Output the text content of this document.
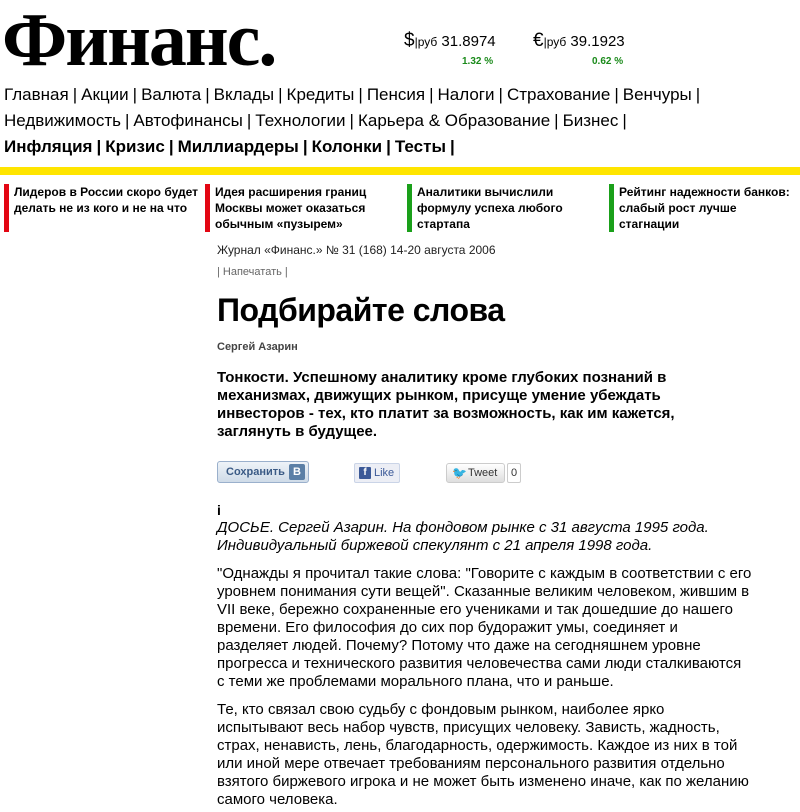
Финанс.	$|руб 31.8974
1.32 %
€|руб 39.1923
0.62 %
Главная | Акции | Валюта | Вклады | Кредиты | Пенсия | Налоги | Страхование | Венчуры |
Недвижимость | Автофинансы | Технологии | Карьера & Образование | Бизнес |
Инфляция | Кризис | Миллиардеры | Колонки | Тесты |
Лидеров в России скоро будет делать не из кого и не на что
Идея расширения границ Москвы может оказаться обычным «пузырем»
Аналитики вычислили формулу успеха любого стартапа
Рейтинг надежности банков: слабый рост лучше стагнации
Журнал «Финанс.» № 31 (168) 14-20 августа 2006
| Напечатать |
Подбирайте слова
Сергей Азарин
Тонкости. Успешному аналитику кроме глубоких познаний в механизмах, движущих рынком, присуще умение убеждать инвесторов - тех, кто платит за возможность, как им кажется, заглянуть в будущее.
Сохранить В	f Like	🐦 Tweet	0
i

ДОСЬЕ. Сергей Азарин. На фондовом рынке с 31 августа 1995 года. Индивидуальный биржевой спекулянт с 21 апреля 1998 года.

"Однажды я прочитал такие слова: "Говорите с каждым в соответствии с его уровнем понимания сути вещей". Сказанные великим человеком, жившим в VII веке, бережно сохраненные его учениками и так дошедшие до нашего времени. Его философия до сих пор будоражит умы, соединяет и разделяет людей. Почему? Потому что даже на сегодняшнем уровне прогресса и технического развития человечества сами люди сталкиваются с теми же проблемами морального плана, что и раньше.

Те, кто связал свою судьбу с фондовым рынком, наиболее ярко испытывают весь набор чувств, присущих человеку. Зависть, жадность, страх, ненависть, лень, благодарность, одержимость. Каждое из них в той или иной мере отвечает требованиям персонального развития отдельно взятого биржевого игрока и не может быть изменено иначе, как по желанию самого человека.
